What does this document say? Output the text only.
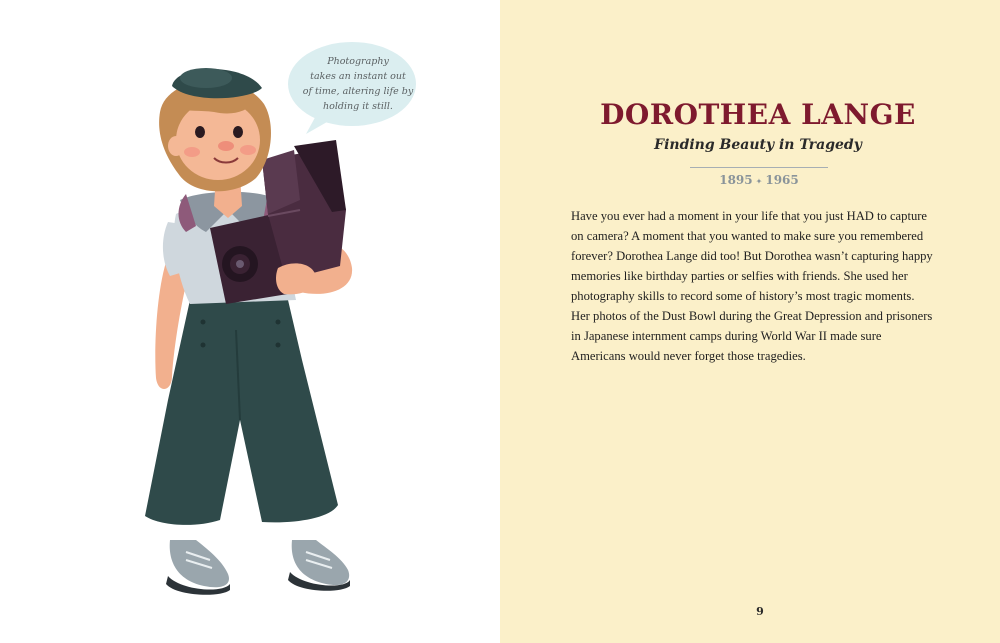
Photography
takes an instant out
of time, altering life by
holding it still.	DOROTHEA LANGE
Finding Beauty in Tragedy
1895 ✦ 1965
Have you ever had a moment in your life that you just HAD to capture
on camera? A moment that you wanted to make sure you remembered
forever? Dorothea Lange did too! But Dorothea wasn’t capturing happy
memories like birthday parties or selfies with friends. She used her
photography skills to record some of history’s most tragic moments.
Her photos of the Dust Bowl during the Great Depression and prisoners
in Japanese internment camps during World War II made sure
Americans would never forget those tragedies.
9
